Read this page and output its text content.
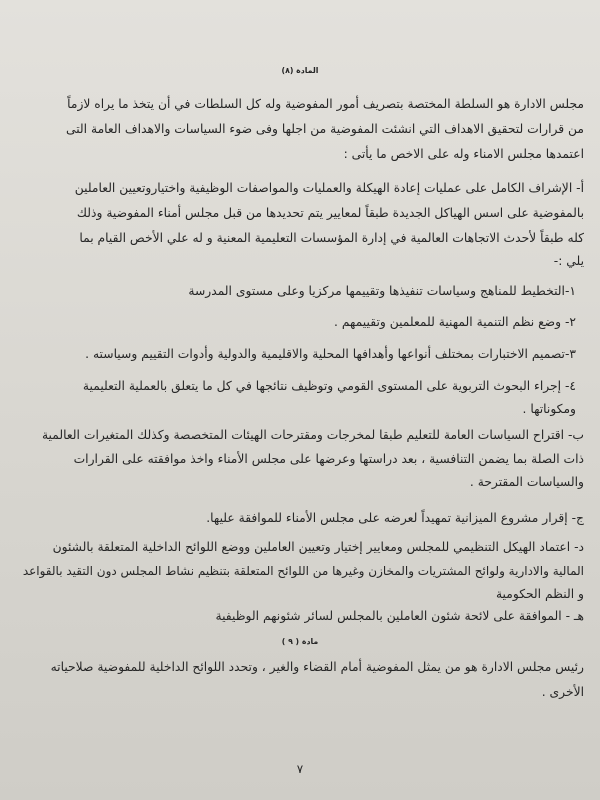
المادة (٨)
مجلس الادارة هو السلطة المختصة بتصريف أمور المفوضية وله كل السلطات في أن يتخذ ما يراه لازماً
من قرارات لتحقيق الاهداف التي انشئت المفوضية من اجلها وفى ضوء السياسات والاهداف العامة التى
اعتمدها مجلس الامناء وله على الاخص ما يأتى :
أ- الإشراف الكامل على عمليات إعادة الهيكلة والعمليات والمواصفات الوظيفية واختياروتعيين العاملين
بالمفوضية على اسس الهياكل الجديدة طبقاً لمعايير يتم تحديدها من قبل مجلس أمناء المفوضية وذلك
كله طبقاً لأحدث الاتجاهات العالمية في إدارة المؤسسات التعليمية المعنية و له علي الأخص القيام بما
يلي :-
١-التخطيط للمناهج وسياسات تنفيذها وتقييمها مركزيا وعلى مستوى المدرسة
٢- وضع نظم التنمية المهنية للمعلمين وتقييمهم .
٣-تصميم الاختبارات بمختلف أنواعها وأهدافها المحلية والاقليمية والدولية وأدوات التقييم وسياسته .
٤- إجراء البحوث التربوية على المستوى القومي وتوظيف نتائجها في كل ما يتعلق بالعملية التعليمية
ومكوناتها .
ب- اقتراح السياسات العامة للتعليم طبقا لمخرجات ومقترحات الهيئات المتخصصة وكذلك المتغيرات العالمية
ذات الصلة بما يضمن التنافسية ، بعد دراستها وعرضها على مجلس الأمناء واخذ موافقته على القرارات
والسياسات المقترحة .
ج- إقرار مشروع الميزانية تمهيداً لعرضه على مجلس الأمناء للموافقة عليها.
د- اعتماد الهيكل التنظيمي للمجلس ومعايير إختيار وتعيين العاملين ووضع اللوائح الداخلية المتعلقة بالشئون
المالية والادارية ولوائح المشتريات والمخازن وغيرها من اللوائح المتعلقة بتنظيم نشاط المجلس دون التقيد بالقواعد
و النظم الحكومية
هـ - الموافقة على لائحة شئون العاملين بالمجلس لسائر شئونهم الوظيفية
مادة ( ٩ )
رئيس مجلس الادارة هو من يمثل المفوضية أمام القضاء والغير ، وتحدد اللوائح الداخلية للمفوضية صلاحياته
الأخرى .
٧
